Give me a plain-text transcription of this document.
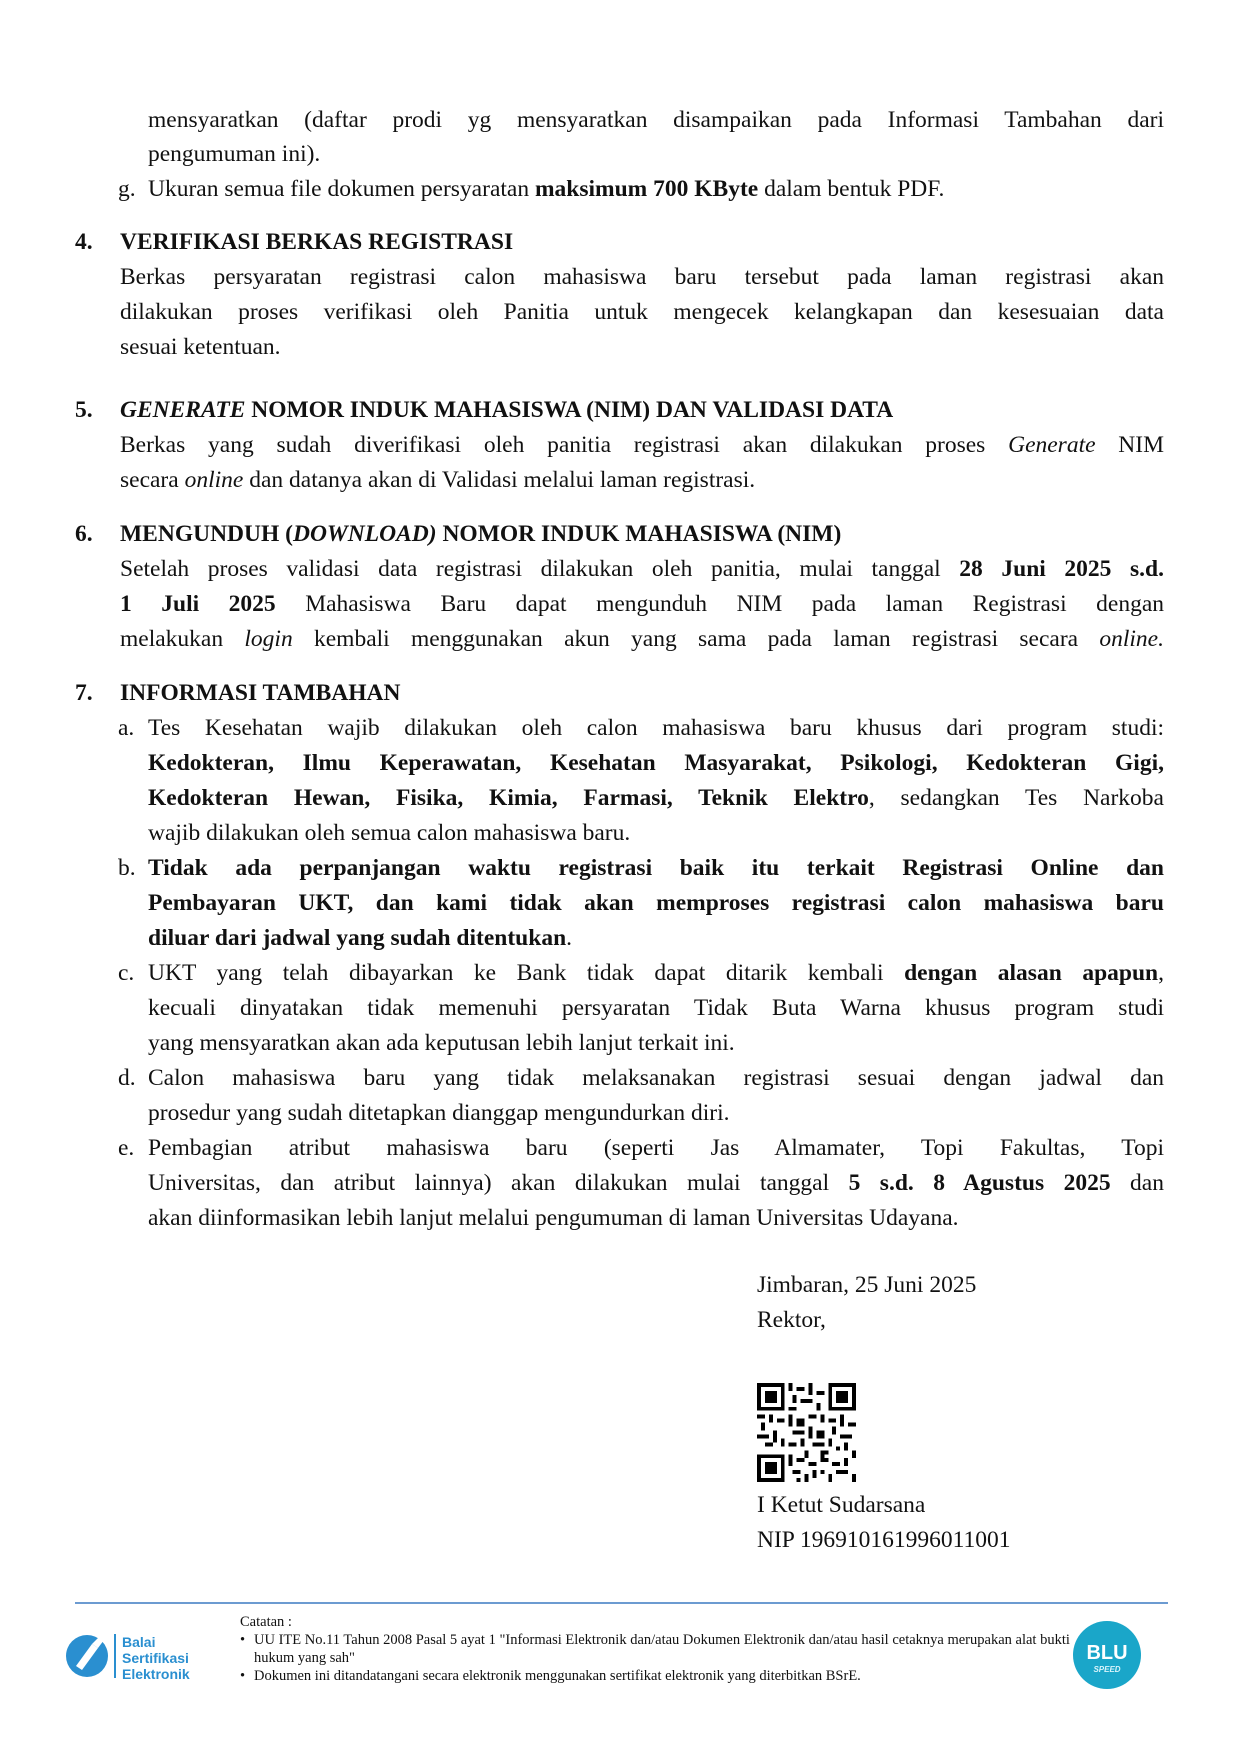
mensyaratkan (daftar prodi yg mensyaratkan disampaikan pada Informasi Tambahan dari
pengumuman ini).
g. Ukuran semua file dokumen persyaratan maksimum 700 KByte dalam bentuk PDF.
4. VERIFIKASI BERKAS REGISTRASI
Berkas persyaratan registrasi calon mahasiswa baru tersebut pada laman registrasi akan
dilakukan proses verifikasi oleh Panitia untuk mengecek kelangkapan dan kesesuaian data
sesuai ketentuan.
5. GENERATE NOMOR INDUK MAHASISWA (NIM) DAN VALIDASI DATA
Berkas yang sudah diverifikasi oleh panitia registrasi akan dilakukan proses Generate NIM
secara online dan datanya akan di Validasi melalui laman registrasi.
6. MENGUNDUH (DOWNLOAD) NOMOR INDUK MAHASISWA (NIM)
Setelah proses validasi data registrasi dilakukan oleh panitia, mulai tanggal 28 Juni 2025 s.d.
1 Juli 2025 Mahasiswa Baru dapat mengunduh NIM pada laman Registrasi dengan
melakukan login kembali menggunakan akun yang sama pada laman registrasi secara online.
7. INFORMASI TAMBAHAN
a. Tes Kesehatan wajib dilakukan oleh calon mahasiswa baru khusus dari program studi:
Kedokteran, Ilmu Keperawatan, Kesehatan Masyarakat, Psikologi, Kedokteran Gigi,
Kedokteran Hewan, Fisika, Kimia, Farmasi, Teknik Elektro, sedangkan Tes Narkoba
wajib dilakukan oleh semua calon mahasiswa baru.
b. Tidak ada perpanjangan waktu registrasi baik itu terkait Registrasi Online dan
Pembayaran UKT, dan kami tidak akan memproses registrasi calon mahasiswa baru
diluar dari jadwal yang sudah ditentukan.
c. UKT yang telah dibayarkan ke Bank tidak dapat ditarik kembali dengan alasan apapun,
kecuali dinyatakan tidak memenuhi persyaratan Tidak Buta Warna khusus program studi
yang mensyaratkan akan ada keputusan lebih lanjut terkait ini.
d. Calon mahasiswa baru yang tidak melaksanakan registrasi sesuai dengan jadwal dan
prosedur yang sudah ditetapkan dianggap mengundurkan diri.
e. Pembagian atribut mahasiswa baru (seperti Jas Almamater, Topi Fakultas, Topi
Universitas, dan atribut lainnya) akan dilakukan mulai tanggal 5 s.d. 8 Agustus 2025 dan
akan diinformasikan lebih lanjut melalui pengumuman di laman Universitas Udayana.
Jimbaran, 25 Juni 2025
Rektor,
I Ketut Sudarsana
NIP 196910161996011001
Balai
Sertifikasi
Elektronik
Catatan :
• UU ITE No.11 Tahun 2008 Pasal 5 ayat 1 "Informasi Elektronik dan/atau Dokumen Elektronik dan/atau hasil cetaknya merupakan alat bukti hukum yang sah"
• Dokumen ini ditandatangani secara elektronik menggunakan sertifikat elektronik yang diterbitkan BSrE.
BLU
SPEED
